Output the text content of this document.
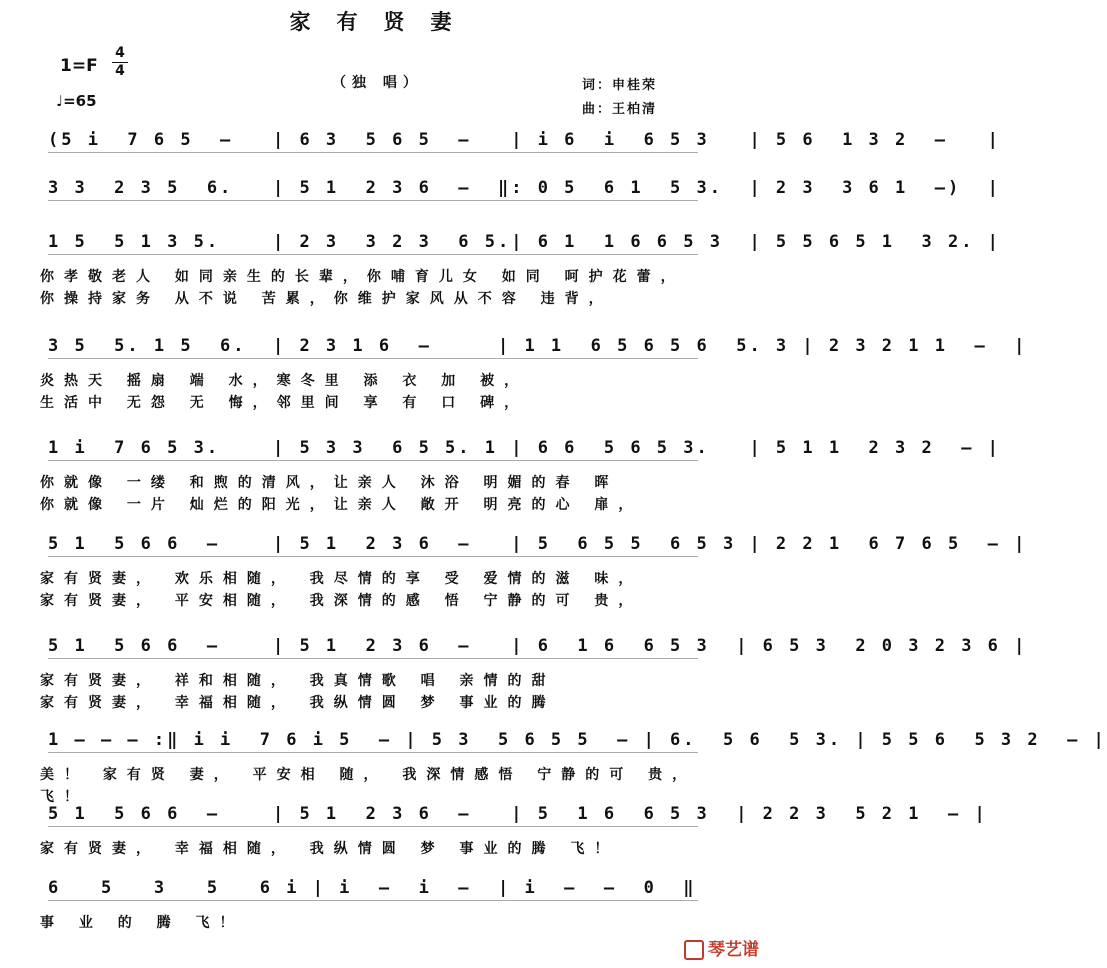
家有贤妻
1=F
4
4
♩=65
（独 唱）	词：申桂荣
曲：王柏清
(5 i  7 6 5  –   | 6 3  5 6 5  –   | i 6  i  6 5 3   | 5 6  1 3 2  –   |
3 3  2 3 5  6.   | 5 1  2 3 6  –  ‖: 0 5  6 1  5 3.  | 2 3  3 6 1  –)  |
1 5  5 1 3 5.    | 2 3  3 2 3  6 5.| 6 1  1 6 6 5 3  | 5 5 6 5 1  3 2. |
你孝敬老人 如同亲生的长辈，你哺育儿女 如同 呵护花蕾，
你操持家务 从不说 苦累，你维护家风从不容 违背，
3 5  5. 1 5  6.  | 2 3 1 6  –     | 1 1  6 5 6 5 6  5. 3 | 2 3 2 1 1  –  |
炎热天 摇扇 端 水，寒冬里 添 衣 加 被，
生活中 无怨 无 悔，邻里间 享 有 口 碑，
1 i  7 6 5 3.    | 5 3 3  6 5 5. 1 | 6 6  5 6 5 3.   | 5 1 1  2 3 2  – |
你就像 一缕 和煦的清风，让亲人 沐浴 明媚的春 晖
你就像 一片 灿烂的阳光，让亲人 敞开 明亮的心 扉，
5 1  5 6 6  –    | 5 1  2 3 6  –   | 5  6 5 5  6 5 3 | 2 2 1  6 7 6 5  – |
家有贤妻， 欢乐相随， 我尽情的享 受 爱情的滋 味，
家有贤妻， 平安相随， 我深情的感 悟 宁静的可 贵，
5 1  5 6 6  –    | 5 1  2 3 6  –   | 6  1 6  6 5 3  | 6 5 3  2 0 3 2 3 6 |
家有贤妻， 祥和相随， 我真情歌 唱 亲情的甜
家有贤妻， 幸福相随， 我纵情圆 梦 事业的腾
1 – – – :‖ i i  7 6 i 5  – | 5 3  5 6 5 5  – | 6.  5 6  5 3. | 5 5 6  5 3 2  – |
美！ 家有贤 妻， 平安相 随， 我深情感悟 宁静的可 贵，
飞！
5 1  5 6 6  –    | 5 1  2 3 6  –   | 5  1 6  6 5 3  | 2 2 3  5 2 1  – |
家有贤妻， 幸福相随， 我纵情圆 梦 事业的腾 飞！
6   5   3   5   6 i | i  –  i  –  | i  –  –  0  ‖
事 业 的 腾 飞！
琴艺谱
